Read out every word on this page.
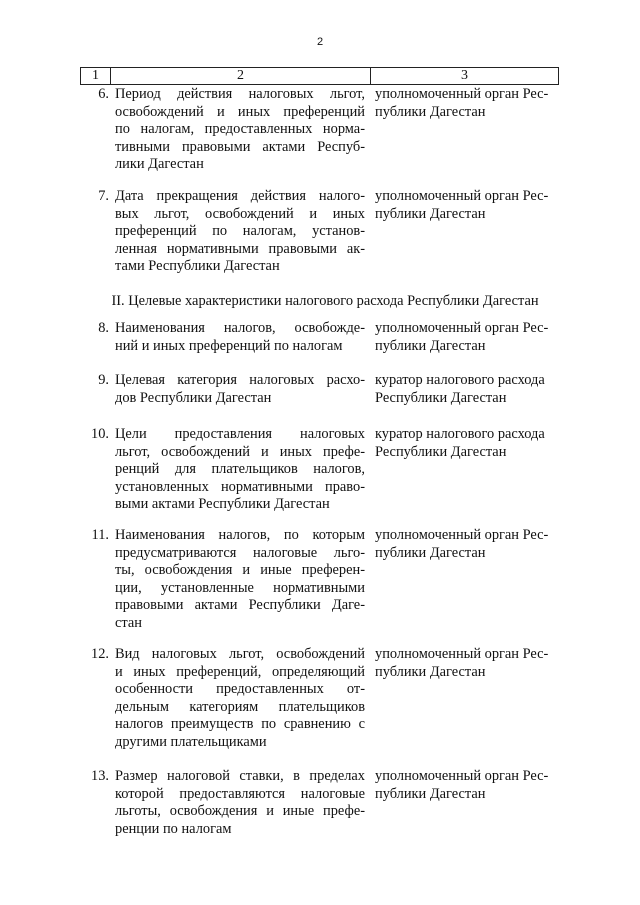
2
1	2	3
II. Целевые характеристики налогового расхода Республики Дагестан
6. Период действия налоговых льгот,
освобождений и иных преференций
по налогам, предоставленных норма-
тивными правовыми актами Респуб-
лики Дагестан
уполномоченный орган Рес-
публики Дагестан
7. Дата прекращения действия налого-
вых льгот, освобождений и иных
преференций по налогам, установ-
ленная нормативными правовыми ак-
тами Республики Дагестан
уполномоченный орган Рес-
публики Дагестан
8. Наименования налогов, освобожде-
ний и иных преференций по налогам
уполномоченный орган Рес-
публики Дагестан
9. Целевая категория налоговых расхо-
дов Республики Дагестан
куратор налогового расхода
Республики Дагестан
10. Цели предоставления налоговых
льгот, освобождений и иных префе-
ренций для плательщиков налогов,
установленных нормативными право-
выми актами Республики Дагестан
куратор налогового расхода
Республики Дагестан
11. Наименования налогов, по которым
предусматриваются налоговые льго-
ты, освобождения и иные преферен-
ции, установленные нормативными
правовыми актами Республики Даге-
стан
уполномоченный орган Рес-
публики Дагестан
12. Вид налоговых льгот, освобождений
и иных преференций, определяющий
особенности предоставленных от-
дельным категориям плательщиков
налогов преимуществ по сравнению с
другими плательщиками
уполномоченный орган Рес-
публики Дагестан
13. Размер налоговой ставки, в пределах
которой предоставляются налоговые
льготы, освобождения и иные префе-
ренции по налогам
уполномоченный орган Рес-
публики Дагестан
